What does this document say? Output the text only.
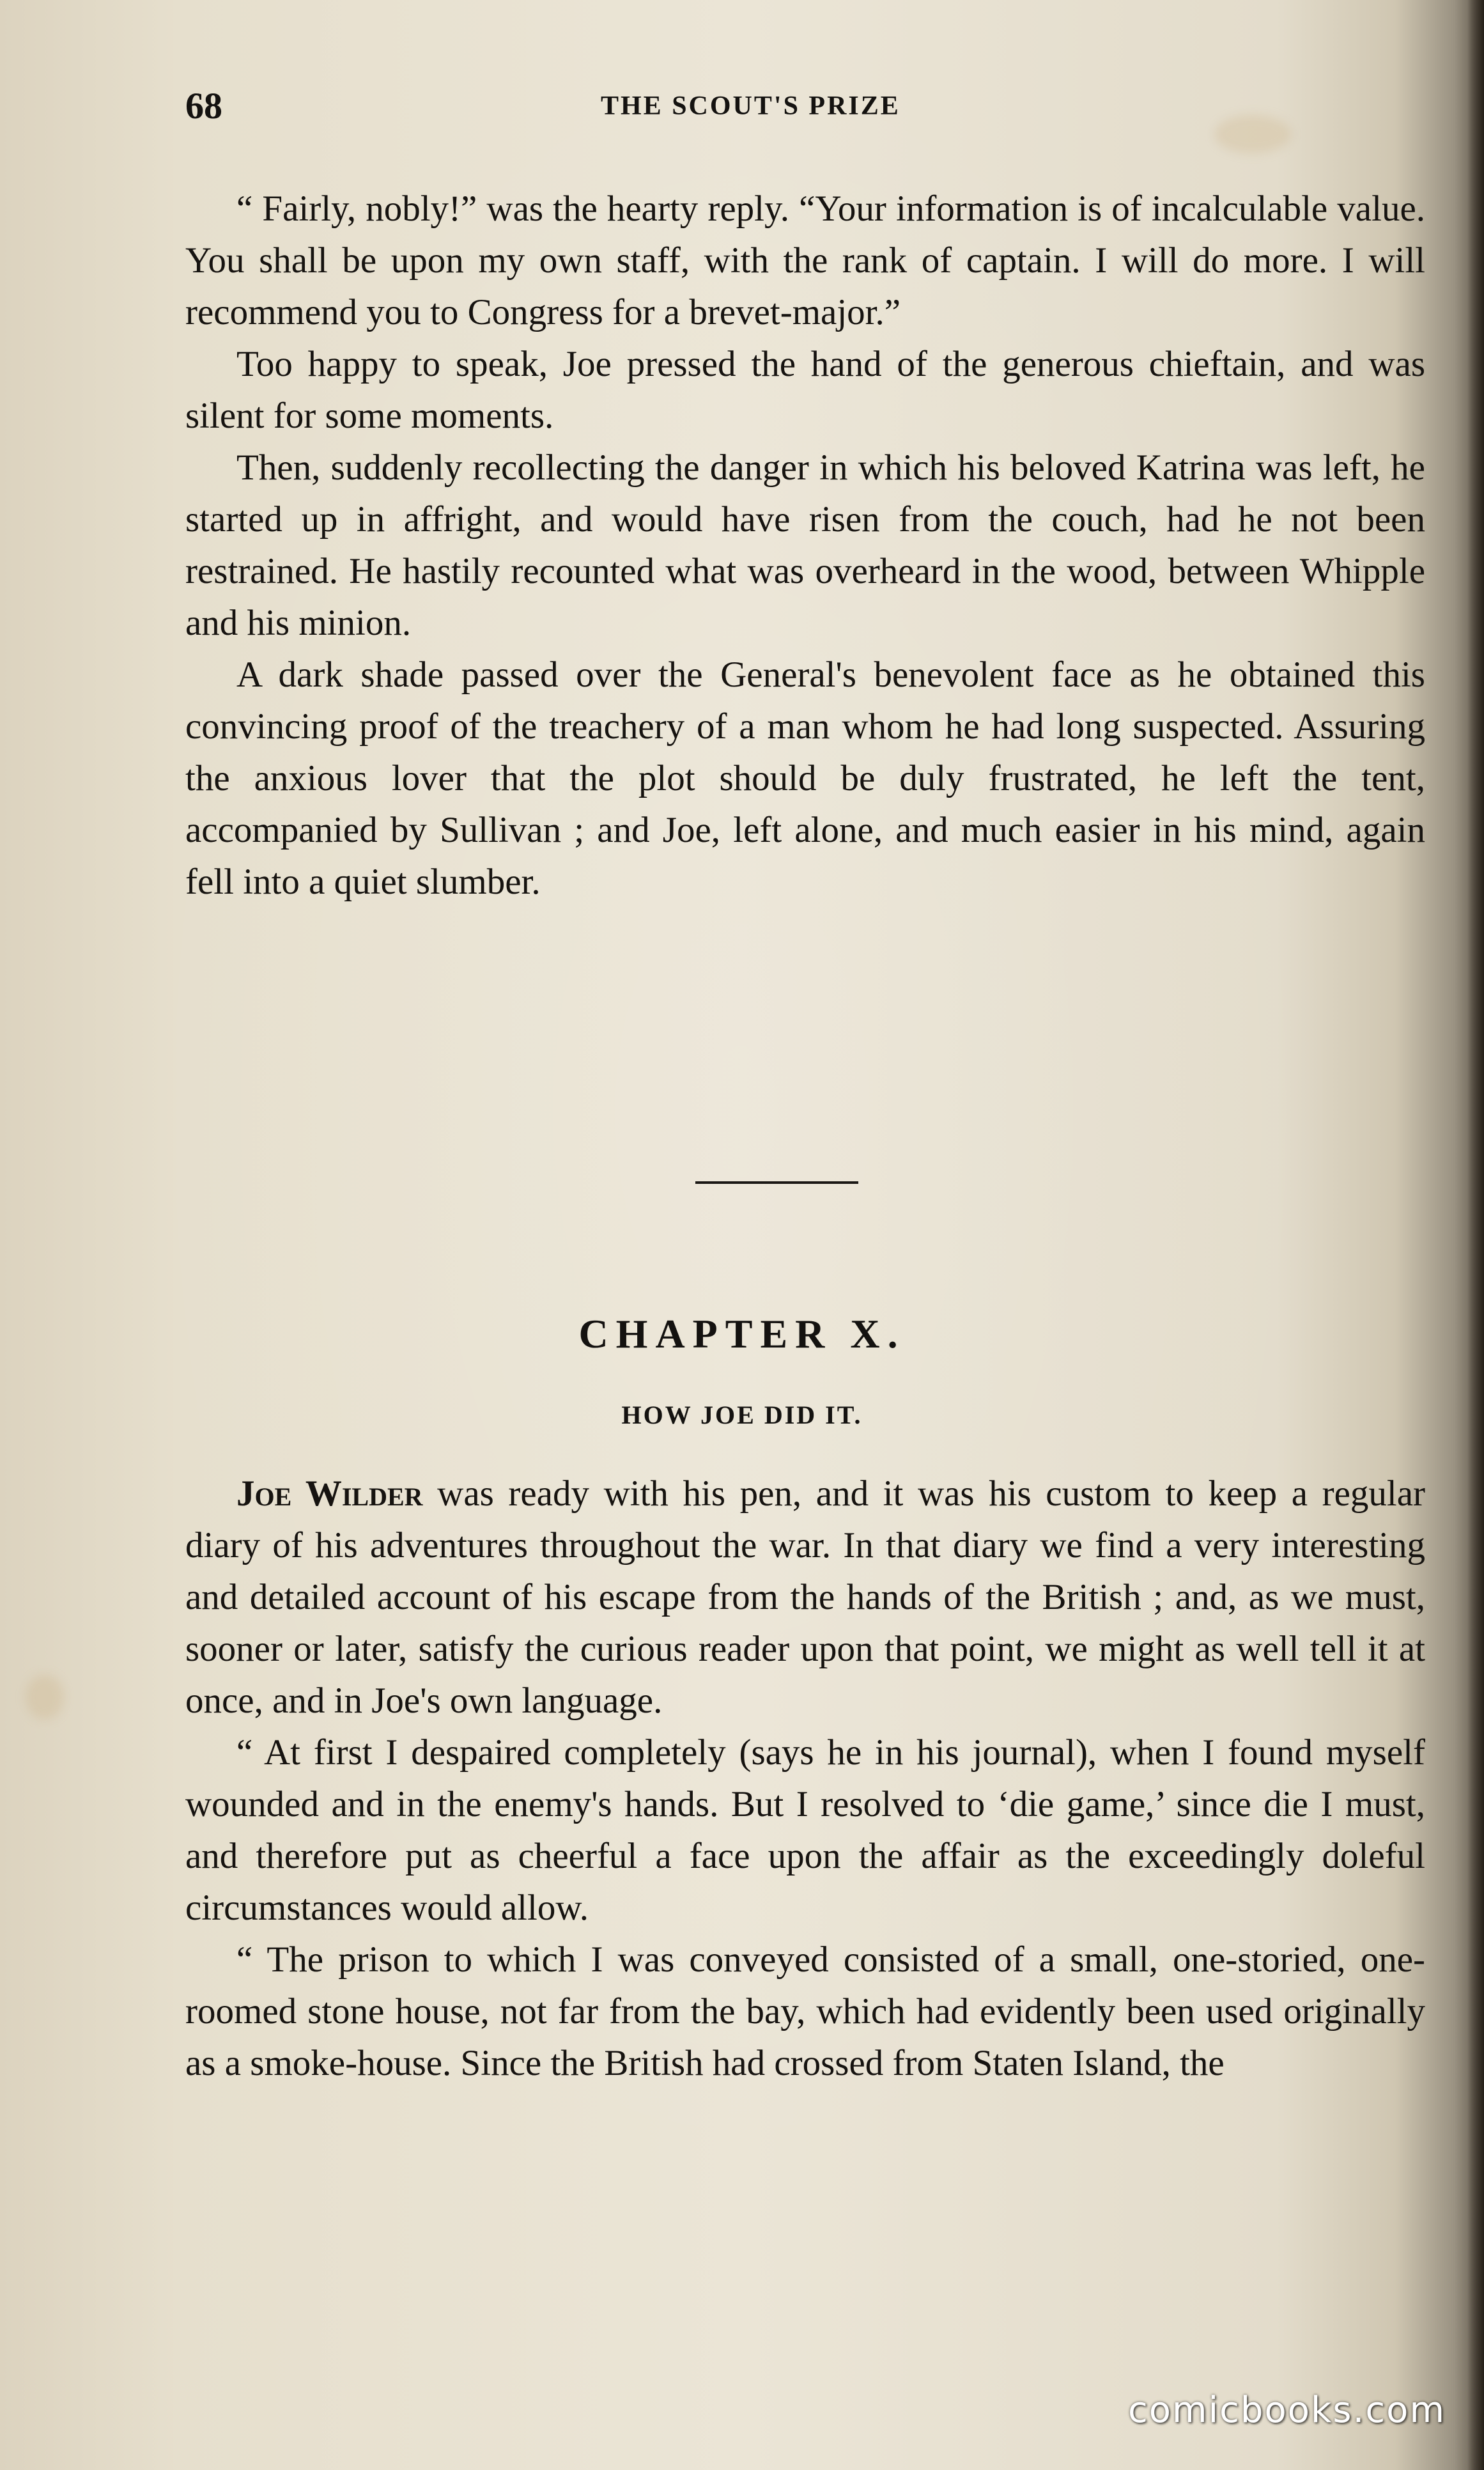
68	THE SCOUT'S PRIZE

“ Fairly, nobly!” was the hearty reply. “Your information is of incalculable value. You shall be upon my own staff, with the rank of captain. I will do more. I will recommend you to Congress for a brevet-major.”

Too happy to speak, Joe pressed the hand of the generous chieftain, and was silent for some moments.

Then, suddenly recollecting the danger in which his beloved Katrina was left, he started up in affright, and would have risen from the couch, had he not been restrained. He hastily recounted what was overheard in the wood, between Whipple and his minion.

A dark shade passed over the General's benevolent face as he obtained this convincing proof of the treachery of a man whom he had long suspected. Assuring the anxious lover that the plot should be duly frustrated, he left the tent, accompanied by Sullivan ; and Joe, left alone, and much easier in his mind, again fell into a quiet slumber.

CHAPTER X.
HOW JOE DID IT.

Joe Wilder was ready with his pen, and it was his custom to keep a regular diary of his adventures throughout the war. In that diary we find a very interesting and detailed account of his escape from the hands of the British ; and, as we must, sooner or later, satisfy the curious reader upon that point, we might as well tell it at once, and in Joe's own language.

“ At first I despaired completely (says he in his journal), when I found myself wounded and in the enemy's hands. But I resolved to ‘die game,’ since die I must, and therefore put as cheerful a face upon the affair as the exceedingly doleful circumstances would allow.

“ The prison to which I was conveyed consisted of a small, one-storied, one-roomed stone house, not far from the bay, which had evidently been used originally as a smoke-house. Since the British had crossed from Staten Island, the

comicbooks.com
